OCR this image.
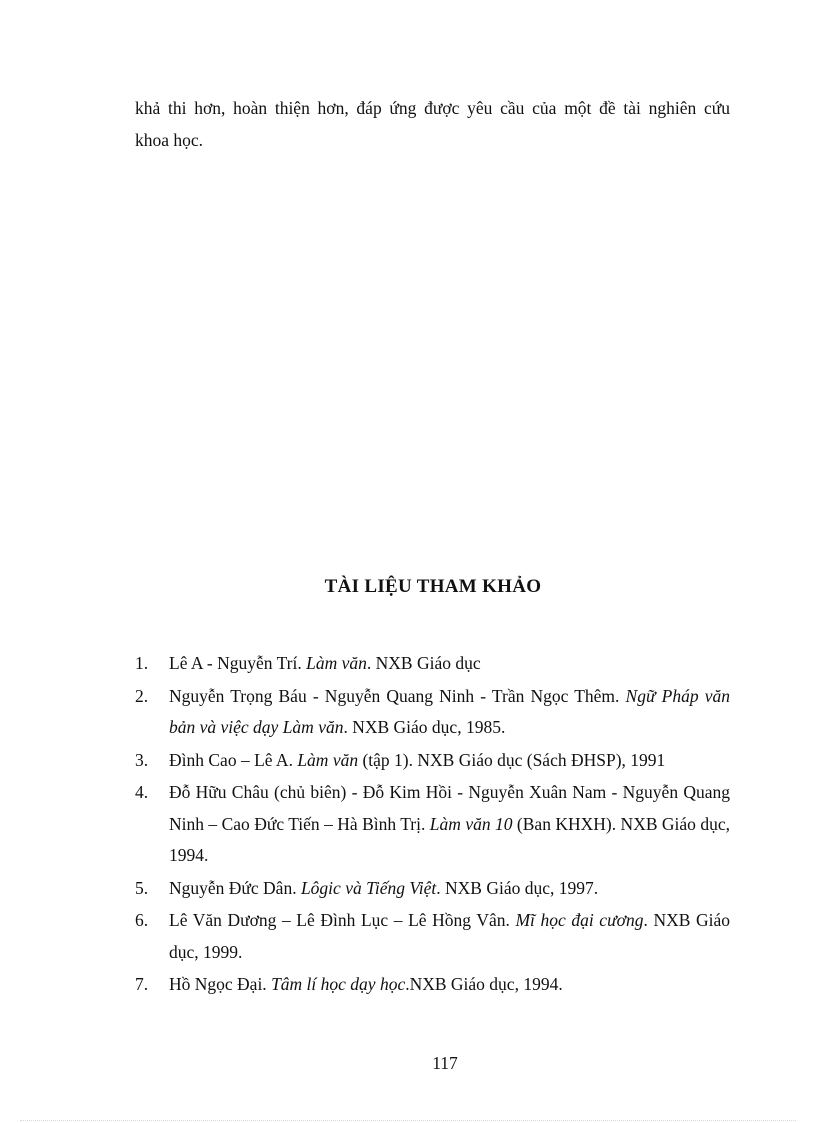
khả thi hơn, hoàn thiện hơn, đáp ứng được yêu cầu của một đề tài nghiên cứu
khoa học.
TÀI LIỆU THAM KHẢO
1. Lê A - Nguyễn Trí. Làm văn. NXB Giáo dục
2. Nguyễn Trọng Báu - Nguyễn Quang Ninh - Trần Ngọc Thêm. Ngữ Pháp văn bản và việc dạy Làm văn. NXB Giáo dục, 1985.
3. Đình Cao – Lê A. Làm văn (tập 1). NXB Giáo dục (Sách ĐHSP), 1991
4. Đỗ Hữu Châu (chủ biên) - Đỗ Kim Hồi - Nguyễn Xuân Nam - Nguyễn Quang Ninh – Cao Đức Tiến – Hà Bình Trị. Làm văn 10 (Ban KHXH). NXB Giáo dục, 1994.
5. Nguyễn Đức Dân. Lôgic và Tiếng Việt. NXB Giáo dục, 1997.
6. Lê Văn Dương – Lê Đình Lục – Lê Hồng Vân. Mĩ học đại cương. NXB Giáo dục, 1999.
7. Hồ Ngọc Đại. Tâm lí học dạy học.NXB Giáo dục, 1994.
117
